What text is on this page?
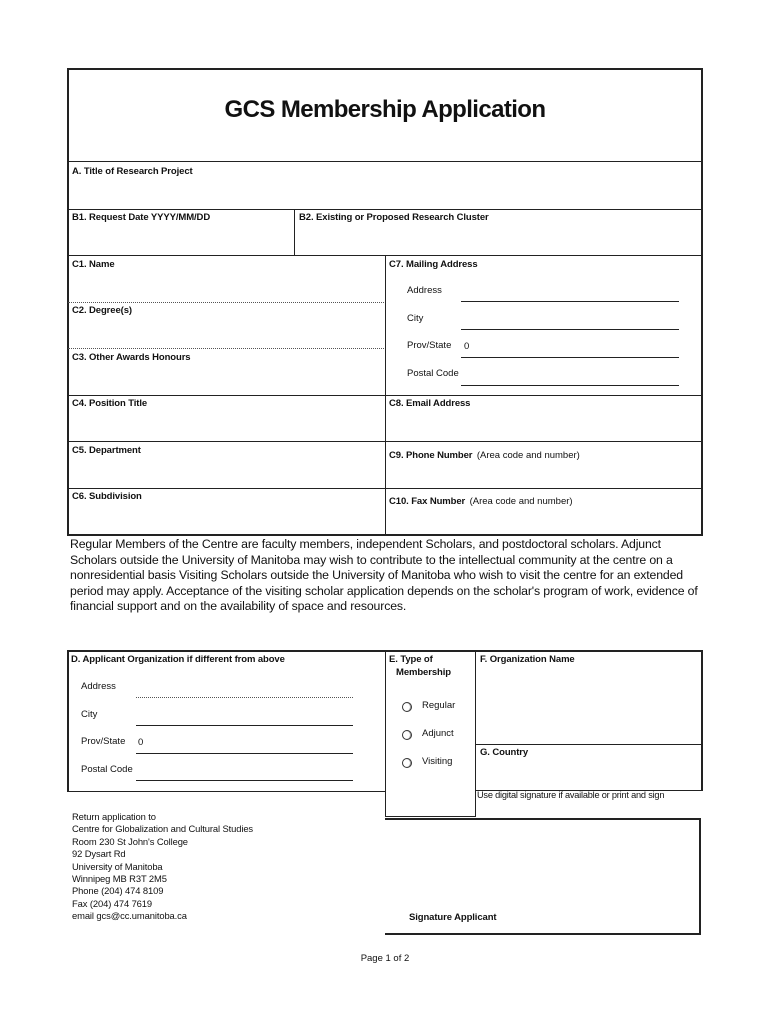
GCS Membership Application
A. Title of Research Project
B1. Request Date YYYY/MM/DD	B2. Existing or Proposed Research Cluster
C1. Name
C2. Degree(s)
C3. Other Awards Honours
C4. Position Title
C5. Department
C6. Subdivision
C7. Mailing Address
Address
City
Prov/State 0
Postal Code
C8. Email Address
C9. Phone Number (Area code and number)
C10. Fax Number (Area code and number)
Regular Members of the Centre are faculty members, independent Scholars, and postdoctoral scholars. Adjunct Scholars outside the University of Manitoba may wish to contribute to the intellectual community at the centre on a nonresidential basis Visiting Scholars outside the University of Manitoba who wish to visit the centre for an extended period may apply. Acceptance of the visiting scholar application depends on the scholar's program of work, evidence of financial support and on the availability of space and resources.
D. Applicant Organization if different from above
Address
City
Prov/State 0
Postal Code
E. Type of
Membership
Regular
Adjunct
Visiting
F. Organization Name
G. Country
Use digital signature if available or print and sign
Signature Applicant
Return application to
Centre for Globalization and Cultural Studies
Room 230 St John's College
92 Dysart Rd
University of Manitoba
Winnipeg MB R3T 2M5
Phone (204) 474 8109
Fax (204) 474 7619
email gcs@cc.umanitoba.ca
Page 1 of 2
